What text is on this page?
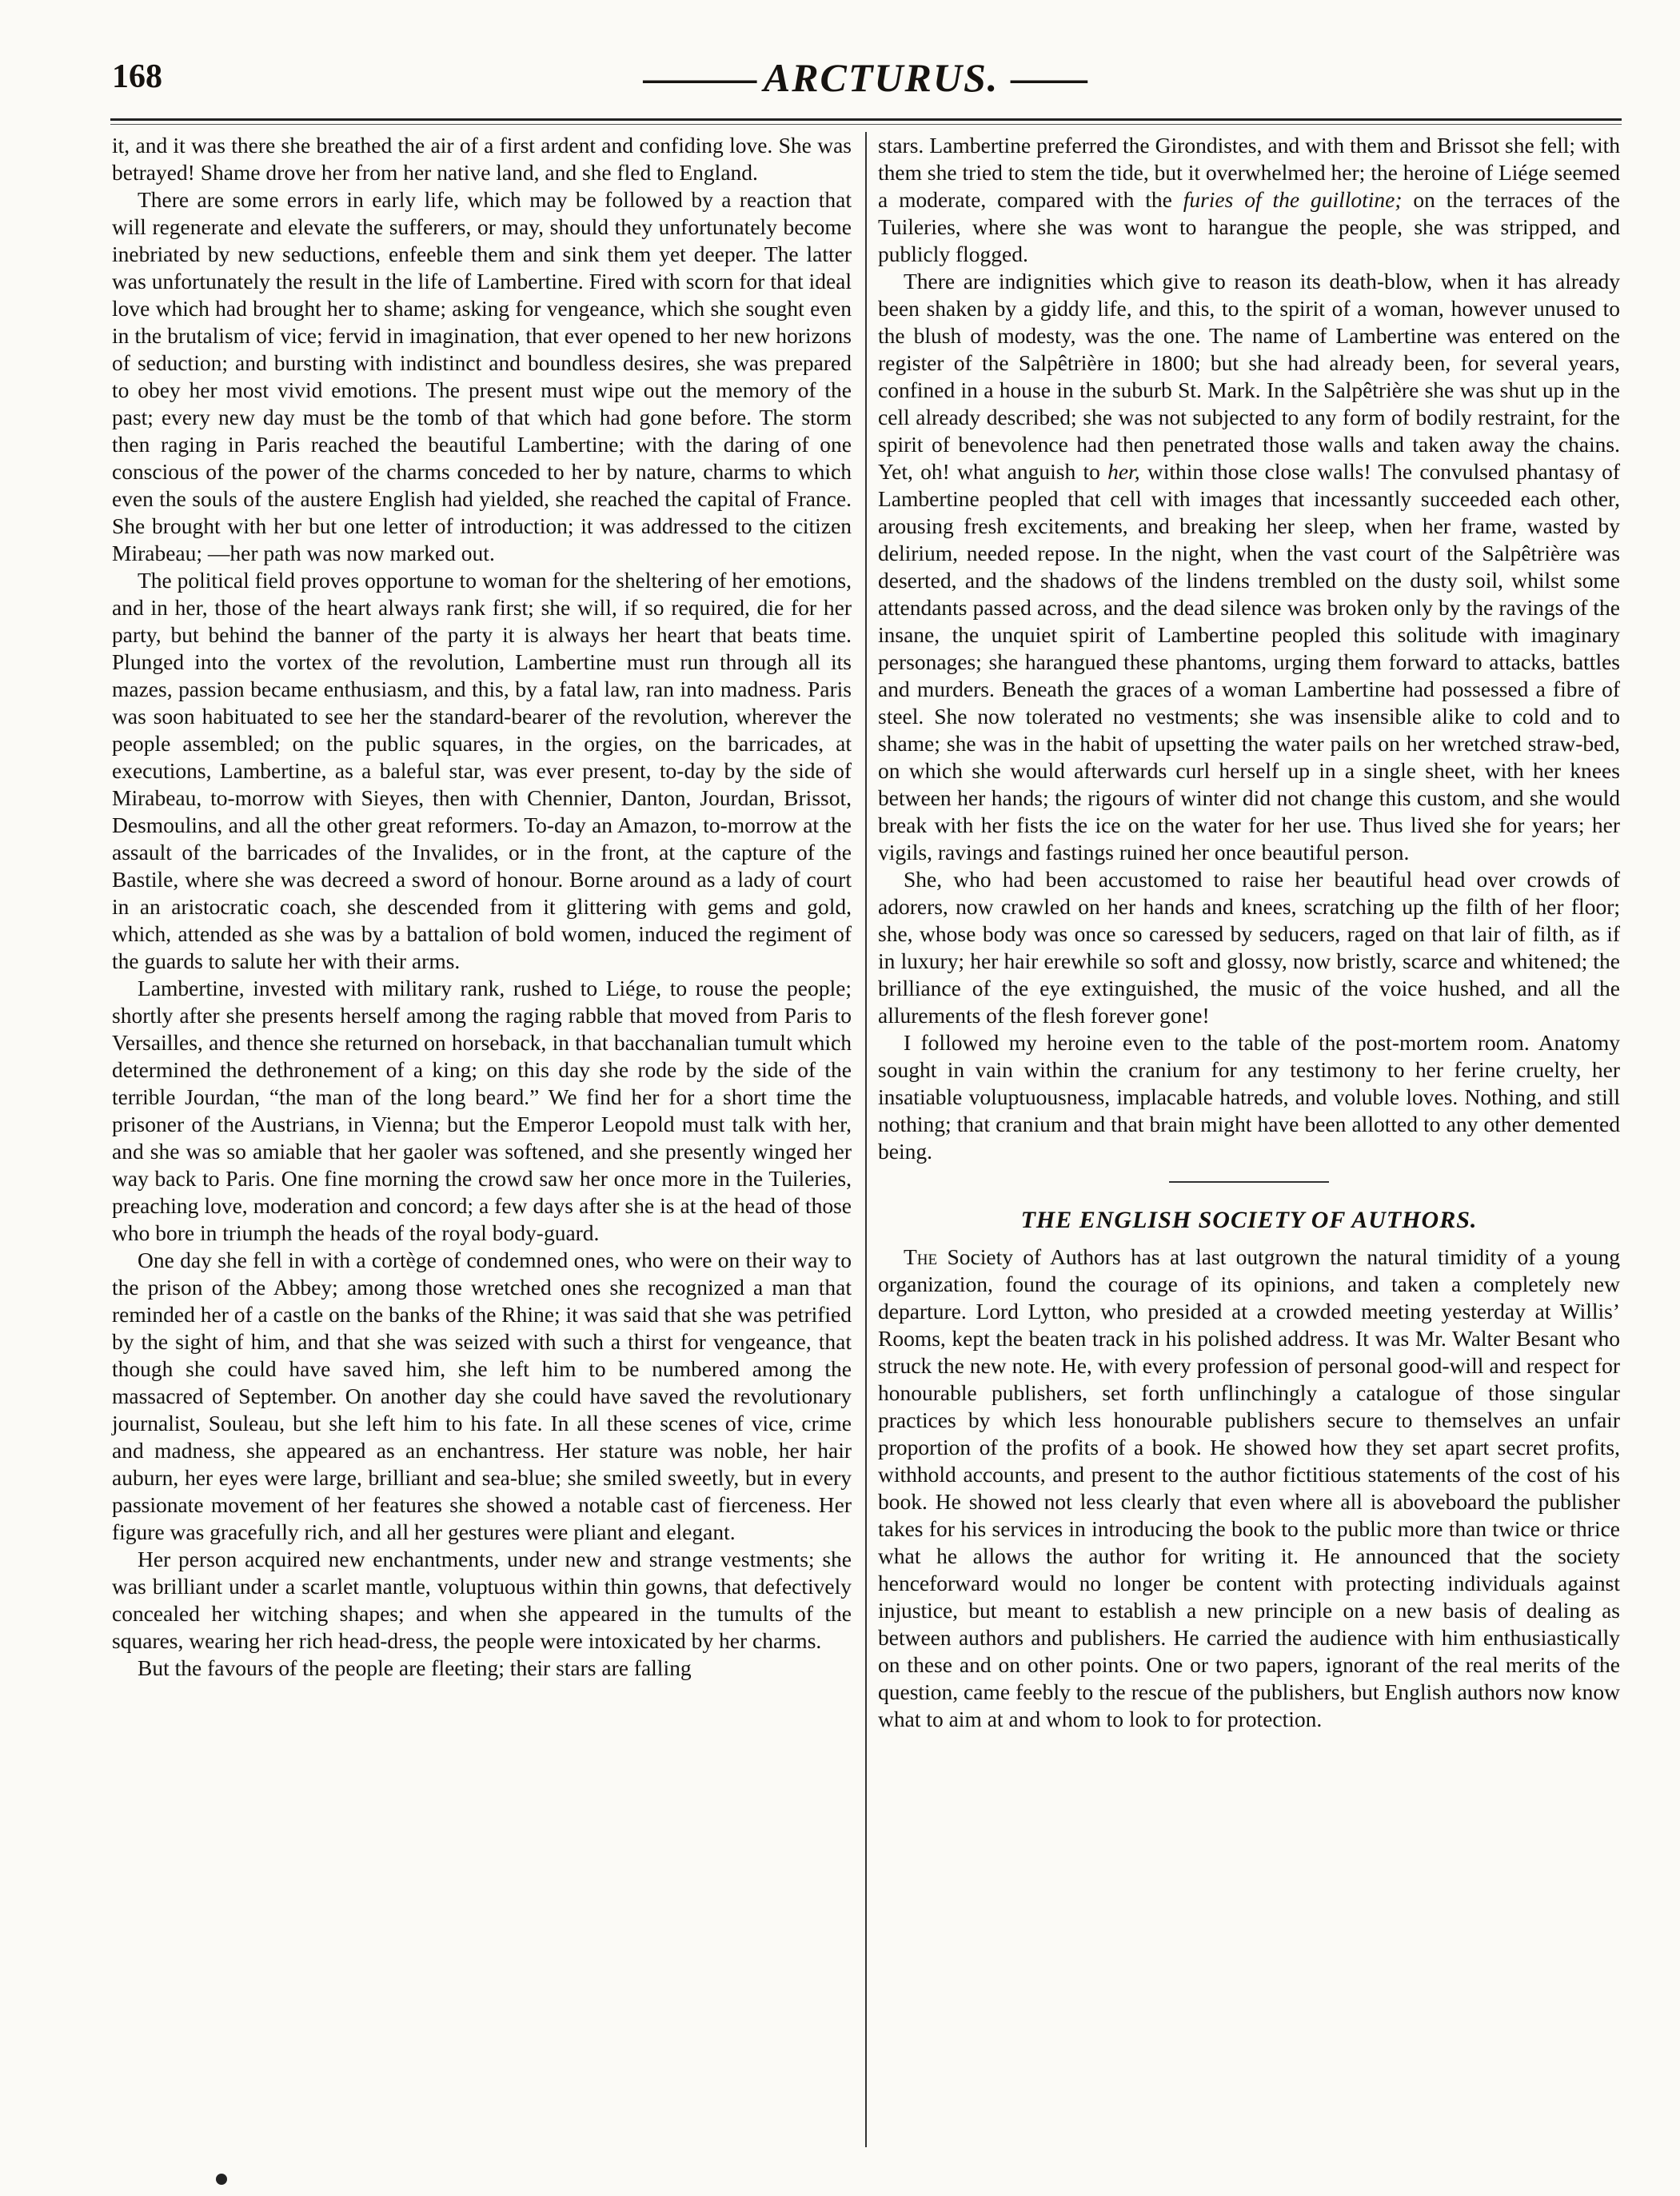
168	——— ARCTURUS. ——

it, and it was there she breathed the air of a first ardent and confiding love. She was betrayed! Shame drove her from her native land, and she fled to England.

There are some errors in early life, which may be followed by a reaction that will regenerate and elevate the sufferers, or may, should they unfortunately become inebriated by new seductions, enfeeble them and sink them yet deeper. The latter was unfortunately the result in the life of Lambertine. Fired with scorn for that ideal love which had brought her to shame; asking for vengeance, which she sought even in the brutalism of vice; fervid in imagination, that ever opened to her new horizons of seduction; and bursting with indistinct and boundless desires, she was prepared to obey her most vivid emotions. The present must wipe out the memory of the past; every new day must be the tomb of that which had gone before. The storm then raging in Paris reached the beautiful Lambertine; with the daring of one conscious of the power of the charms conceded to her by nature, charms to which even the souls of the austere English had yielded, she reached the capital of France. She brought with her but one letter of introduction; it was addressed to the citizen Mirabeau; —her path was now marked out.

The political field proves opportune to woman for the sheltering of her emotions, and in her, those of the heart always rank first; she will, if so required, die for her party, but behind the banner of the party it is always her heart that beats time. Plunged into the vortex of the revolution, Lambertine must run through all its mazes, passion became enthusiasm, and this, by a fatal law, ran into madness. Paris was soon habituated to see her the standard-bearer of the revolution, wherever the people assembled; on the public squares, in the orgies, on the barricades, at executions, Lambertine, as a baleful star, was ever present, to-day by the side of Mirabeau, to-morrow with Sieyes, then with Chennier, Danton, Jourdan, Brissot, Desmoulins, and all the other great reformers. To-day an Amazon, to-morrow at the assault of the barricades of the Invalides, or in the front, at the capture of the Bastile, where she was decreed a sword of honour. Borne around as a lady of court in an aristocratic coach, she descended from it glittering with gems and gold, which, attended as she was by a battalion of bold women, induced the regiment of the guards to salute her with their arms.

Lambertine, invested with military rank, rushed to Liége, to rouse the people; shortly after she presents herself among the raging rabble that moved from Paris to Versailles, and thence she returned on horseback, in that bacchanalian tumult which determined the dethronement of a king; on this day she rode by the side of the terrible Jourdan, “the man of the long beard.” We find her for a short time the prisoner of the Austrians, in Vienna; but the Emperor Leopold must talk with her, and she was so amiable that her gaoler was softened, and she presently winged her way back to Paris. One fine morning the crowd saw her once more in the Tuileries, preaching love, moderation and concord; a few days after she is at the head of those who bore in triumph the heads of the royal body-guard.

One day she fell in with a cortège of condemned ones, who were on their way to the prison of the Abbey; among those wretched ones she recognized a man that reminded her of a castle on the banks of the Rhine; it was said that she was petrified by the sight of him, and that she was seized with such a thirst for vengeance, that though she could have saved him, she left him to be numbered among the massacred of September. On another day she could have saved the revolutionary journalist, Souleau, but she left him to his fate. In all these scenes of vice, crime and madness, she appeared as an enchantress. Her stature was noble, her hair auburn, her eyes were large, brilliant and sea-blue; she smiled sweetly, but in every passionate movement of her features she showed a notable cast of fierceness. Her figure was gracefully rich, and all her gestures were pliant and elegant.

Her person acquired new enchantments, under new and strange vestments; she was brilliant under a scarlet mantle, voluptuous within thin gowns, that defectively concealed her witching shapes; and when she appeared in the tumults of the squares, wearing her rich head-dress, the people were intoxicated by her charms.

But the favours of the people are fleeting; their stars are falling

stars. Lambertine preferred the Girondistes, and with them and Brissot she fell; with them she tried to stem the tide, but it overwhelmed her; the heroine of Liége seemed a moderate, compared with the furies of the guillotine; on the terraces of the Tuileries, where she was wont to harangue the people, she was stripped, and publicly flogged.

There are indignities which give to reason its death-blow, when it has already been shaken by a giddy life, and this, to the spirit of a woman, however unused to the blush of modesty, was the one. The name of Lambertine was entered on the register of the Salpêtrière in 1800; but she had already been, for several years, confined in a house in the suburb St. Mark. In the Salpêtrière she was shut up in the cell already described; she was not subjected to any form of bodily restraint, for the spirit of benevolence had then penetrated those walls and taken away the chains. Yet, oh! what anguish to her, within those close walls! The convulsed phantasy of Lambertine peopled that cell with images that incessantly succeeded each other, arousing fresh excitements, and breaking her sleep, when her frame, wasted by delirium, needed repose. In the night, when the vast court of the Salpêtrière was deserted, and the shadows of the lindens trembled on the dusty soil, whilst some attendants passed across, and the dead silence was broken only by the ravings of the insane, the unquiet spirit of Lambertine peopled this solitude with imaginary personages; she harangued these phantoms, urging them forward to attacks, battles and murders. Beneath the graces of a woman Lambertine had possessed a fibre of steel. She now tolerated no vestments; she was insensible alike to cold and to shame; she was in the habit of upsetting the water pails on her wretched straw-bed, on which she would afterwards curl herself up in a single sheet, with her knees between her hands; the rigours of winter did not change this custom, and she would break with her fists the ice on the water for her use. Thus lived she for years; her vigils, ravings and fastings ruined her once beautiful person.

She, who had been accustomed to raise her beautiful head over crowds of adorers, now crawled on her hands and knees, scratching up the filth of her floor; she, whose body was once so caressed by seducers, raged on that lair of filth, as if in luxury; her hair erewhile so soft and glossy, now bristly, scarce and whitened; the brilliance of the eye extinguished, the music of the voice hushed, and all the allurements of the flesh forever gone!

I followed my heroine even to the table of the post-mortem room. Anatomy sought in vain within the cranium for any testimony to her ferine cruelty, her insatiable voluptuousness, implacable hatreds, and voluble loves. Nothing, and still nothing; that cranium and that brain might have been allotted to any other demented being.

THE ENGLISH SOCIETY OF AUTHORS.

The Society of Authors has at last outgrown the natural timidity of a young organization, found the courage of its opinions, and taken a completely new departure. Lord Lytton, who presided at a crowded meeting yesterday at Willis’ Rooms, kept the beaten track in his polished address. It was Mr. Walter Besant who struck the new note. He, with every profession of personal good-will and respect for honourable publishers, set forth unflinchingly a catalogue of those singular practices by which less honourable publishers secure to themselves an unfair proportion of the profits of a book. He showed how they set apart secret profits, withhold accounts, and present to the author fictitious statements of the cost of his book. He showed not less clearly that even where all is aboveboard the publisher takes for his services in introducing the book to the public more than twice or thrice what he allows the author for writing it. He announced that the society henceforward would no longer be content with protecting individuals against injustice, but meant to establish a new principle on a new basis of dealing as between authors and publishers. He carried the audience with him enthusiastically on these and on other points. One or two papers, ignorant of the real merits of the question, came feebly to the rescue of the publishers, but English authors now know what to aim at and whom to look to for protection.
